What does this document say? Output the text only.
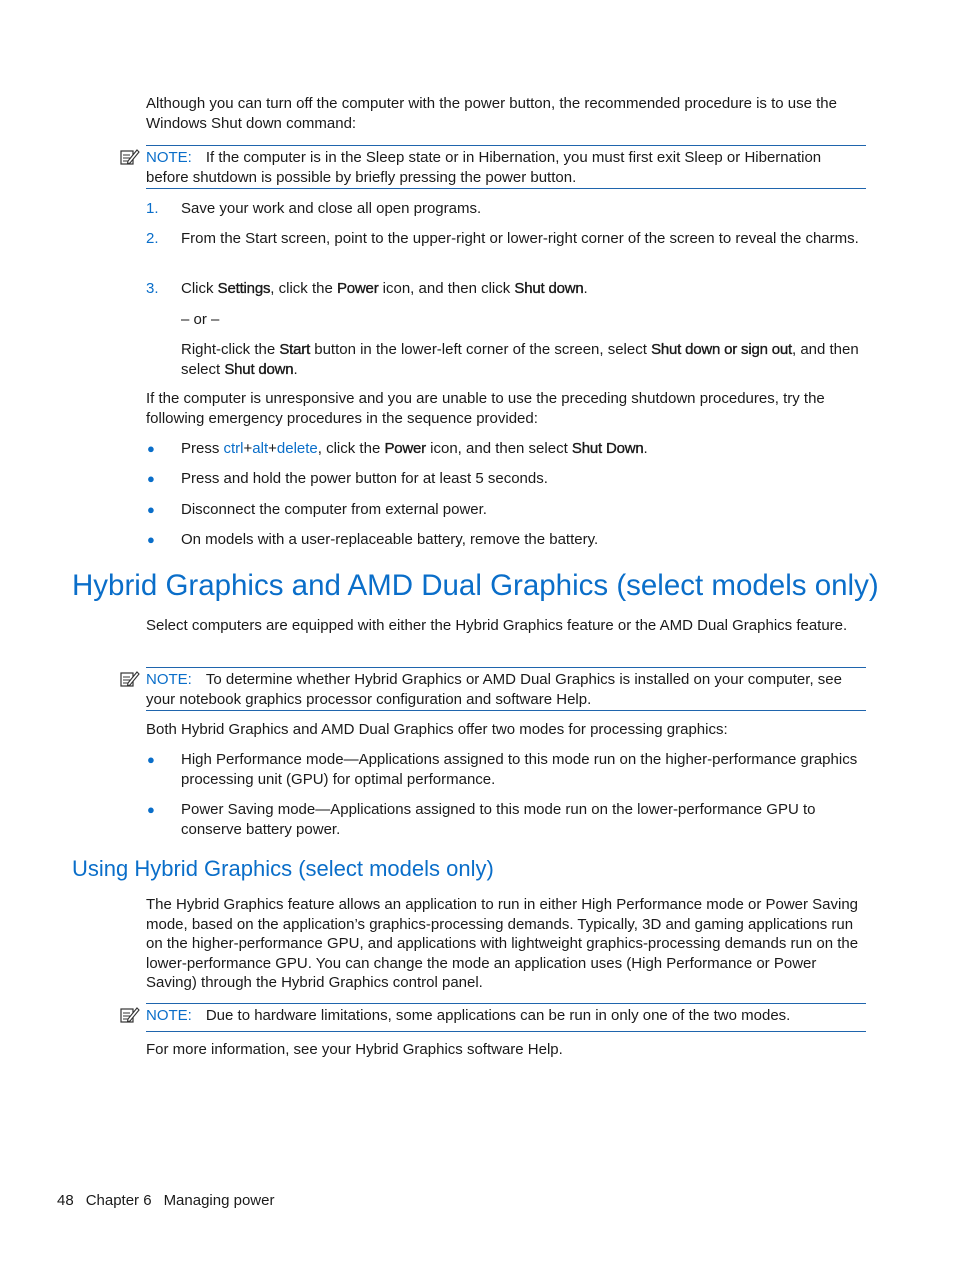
Although you can turn off the computer with the power button, the recommended procedure is to use the Windows Shut down command:
NOTE: If the computer is in the Sleep state or in Hibernation, you must first exit Sleep or Hibernation before shutdown is possible by briefly pressing the power button.
1. Save your work and close all open programs.
2. From the Start screen, point to the upper-right or lower-right corner of the screen to reveal the charms.
3. Click Settings, click the Power icon, and then click Shut down.
– or –
Right-click the Start button in the lower-left corner of the screen, select Shut down or sign out, and then select Shut down.
If the computer is unresponsive and you are unable to use the preceding shutdown procedures, try the following emergency procedures in the sequence provided:
● Press ctrl+alt+delete, click the Power icon, and then select Shut Down.
● Press and hold the power button for at least 5 seconds.
● Disconnect the computer from external power.
● On models with a user-replaceable battery, remove the battery.
Hybrid Graphics and AMD Dual Graphics (select models only)
Select computers are equipped with either the Hybrid Graphics feature or the AMD Dual Graphics feature.
NOTE: To determine whether Hybrid Graphics or AMD Dual Graphics is installed on your computer, see your notebook graphics processor configuration and software Help.
Both Hybrid Graphics and AMD Dual Graphics offer two modes for processing graphics:
● High Performance mode—Applications assigned to this mode run on the higher-performance graphics processing unit (GPU) for optimal performance.
● Power Saving mode—Applications assigned to this mode run on the lower-performance GPU to conserve battery power.
Using Hybrid Graphics (select models only)
The Hybrid Graphics feature allows an application to run in either High Performance mode or Power Saving mode, based on the application’s graphics-processing demands. Typically, 3D and gaming applications run on the higher-performance GPU, and applications with lightweight graphics-processing demands run on the lower-performance GPU. You can change the mode an application uses (High Performance or Power Saving) through the Hybrid Graphics control panel.
NOTE: Due to hardware limitations, some applications can be run in only one of the two modes.
For more information, see your Hybrid Graphics software Help.
48 Chapter 6 Managing power
